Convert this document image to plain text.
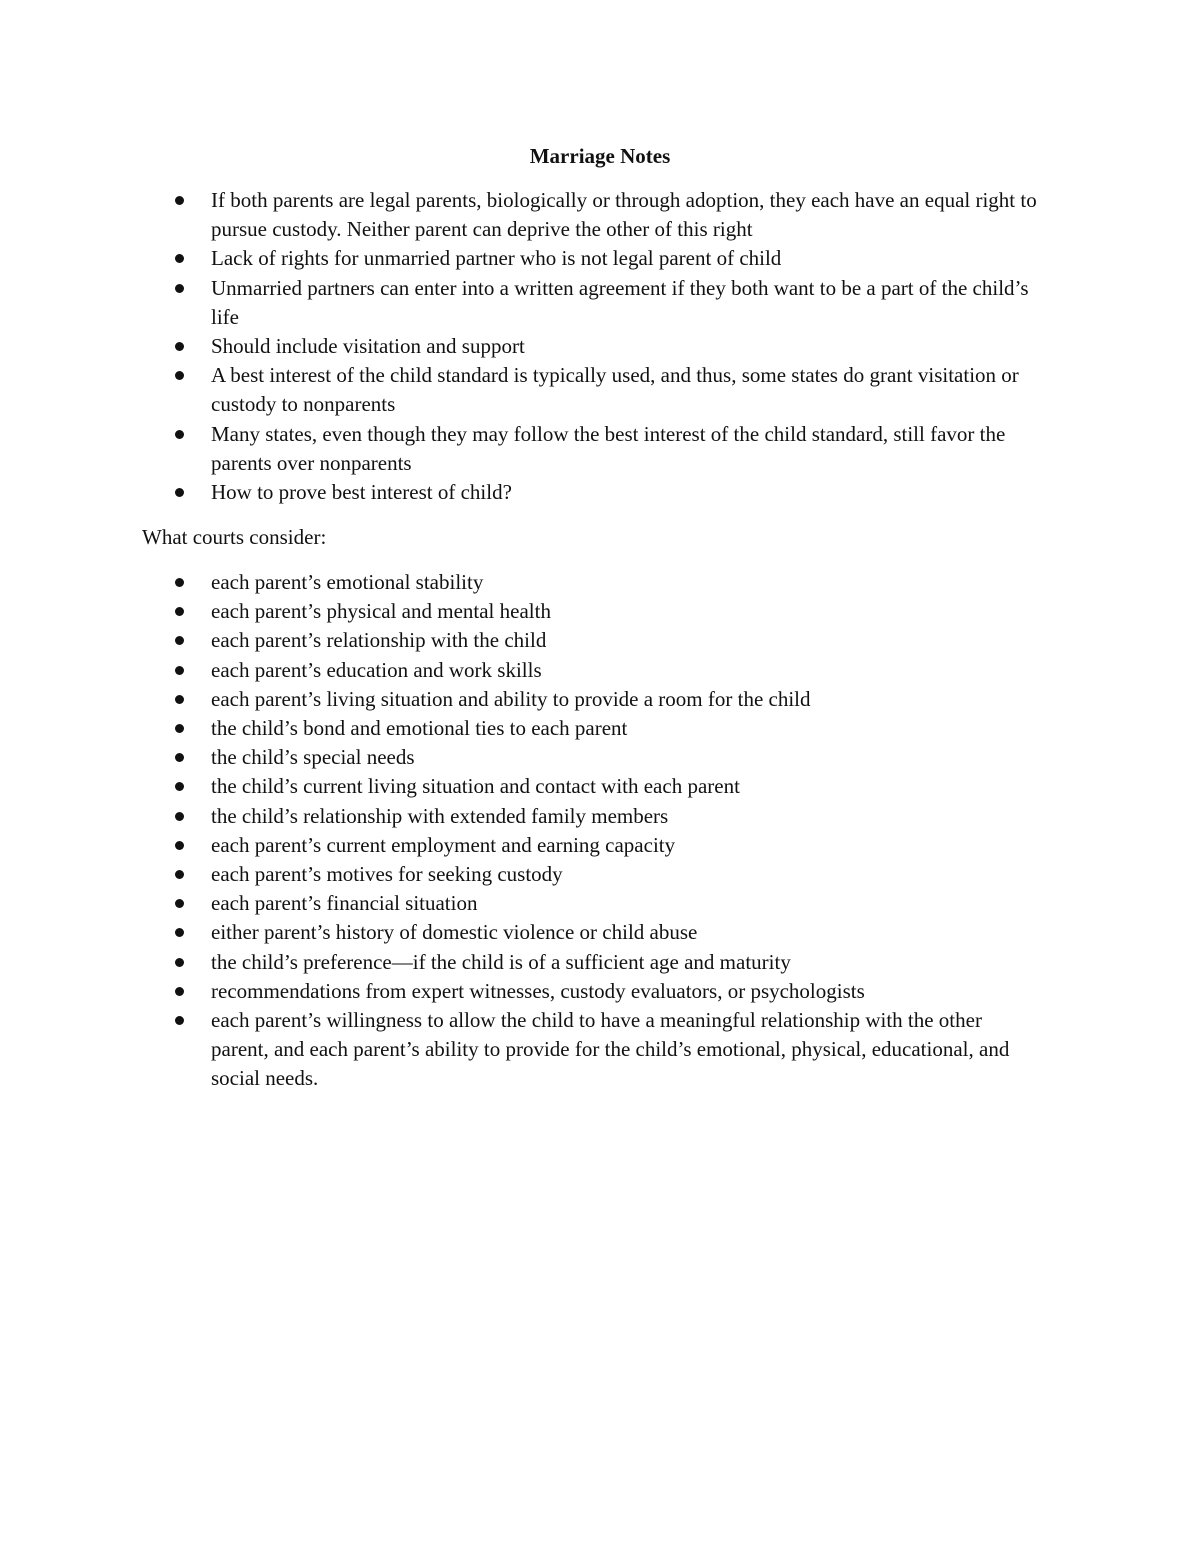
Marriage Notes
If both parents are legal parents, biologically or through adoption, they each have an equal right to pursue custody. Neither parent can deprive the other of this right
Lack of rights for unmarried partner who is not legal parent of child
Unmarried partners can enter into a written agreement if they both want to be a part of the child’s life
Should include visitation and support
A best interest of the child standard is typically used, and thus, some states do grant visitation or custody to nonparents
Many states, even though they may follow the best interest of the child standard, still favor the parents over nonparents
How to prove best interest of child?
What courts consider:
each parent’s emotional stability
each parent’s physical and mental health
each parent’s relationship with the child
each parent’s education and work skills
each parent’s living situation and ability to provide a room for the child
the child’s bond and emotional ties to each parent
the child’s special needs
the child’s current living situation and contact with each parent
the child’s relationship with extended family members
each parent’s current employment and earning capacity
each parent’s motives for seeking custody
each parent’s financial situation
either parent’s history of domestic violence or child abuse
the child’s preference—if the child is of a sufficient age and maturity
recommendations from expert witnesses, custody evaluators, or psychologists
each parent’s willingness to allow the child to have a meaningful relationship with the other parent, and each parent’s ability to provide for the child’s emotional, physical, educational, and social needs.
